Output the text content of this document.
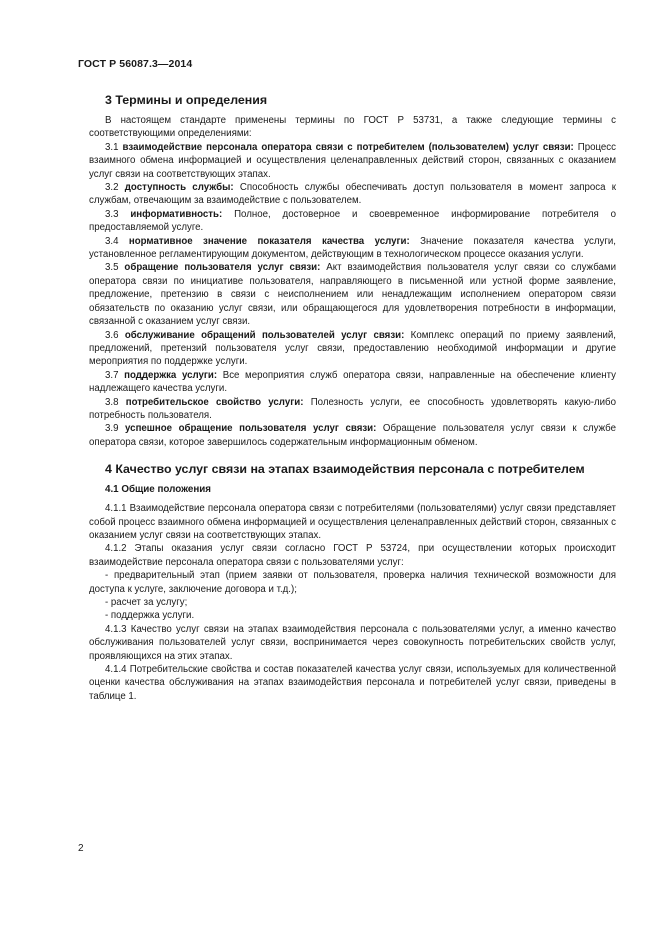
ГОСТ Р 56087.3—2014
3 Термины и определения

В настоящем стандарте применены термины по ГОСТ Р 53731, а также следующие термины с соответствующими определениями:

3.1 взаимодействие персонала оператора связи с потребителем (пользователем) услуг связи: Процесс взаимного обмена информацией и осуществления целенаправленных действий сторон, связанных с оказанием услуг связи на соответствующих этапах.

3.2 доступность службы: Способность службы обеспечивать доступ пользователя в момент запроса к службам, отвечающим за взаимодействие с пользователем.

3.3 информативность: Полное, достоверное и своевременное информирование потребителя о предоставляемой услуге.

3.4 нормативное значение показателя качества услуги: Значение показателя качества услуги, установленное регламентирующим документом, действующим в технологическом процессе оказания услуги.

3.5 обращение пользователя услуг связи: Акт взаимодействия пользователя услуг связи со службами оператора связи по инициативе пользователя, направляющего в письменной или устной форме заявление, предложение, претензию в связи с неисполнением или ненадлежащим исполнением оператором связи обязательств по оказанию услуг связи, или обращающегося для удовлетворения потребности в информации, связанной с оказанием услуг связи.

3.6 обслуживание обращений пользователей услуг связи: Комплекс операций по приему заявлений, предложений, претензий пользователя услуг связи, предоставлению необходимой информации и другие мероприятия по поддержке услуги.

3.7 поддержка услуги: Все мероприятия служб оператора связи, направленные на обеспечение клиенту надлежащего качества услуги.

3.8 потребительское свойство услуги: Полезность услуги, ее способность удовлетворять какую-либо потребность пользователя.

3.9 успешное обращение пользователя услуг связи: Обращение пользователя услуг связи к службе оператора связи, которое завершилось содержательным информационным обменом.

4 Качество услуг связи на этапах взаимодействия персонала с потребителем
4.1 Общие положения

4.1.1 Взаимодействие персонала оператора связи с потребителями (пользователями) услуг связи представляет собой процесс взаимного обмена информацией и осуществления целенаправленных действий сторон, связанных с оказанием услуг связи на соответствующих этапах.

4.1.2 Этапы оказания услуг связи согласно ГОСТ Р 53724, при осуществлении которых происходит взаимодействие персонала оператора связи с пользователями услуг:

- предварительный этап (прием заявки от пользователя, проверка наличия технической возможности для доступа к услуге, заключение договора и т.д.);

- расчет за услугу;

- поддержка услуги.

4.1.3 Качество услуг связи на этапах взаимодействия персонала с пользователями услуг, а именно качество обслуживания пользователей услуг связи, воспринимается через совокупность потребительских свойств услуг, проявляющихся на этих этапах.

4.1.4 Потребительские свойства и состав показателей качества услуг связи, используемых для количественной оценки качества обслуживания на этапах взаимодействия персонала и потребителей услуг связи, приведены в таблице 1.

2
